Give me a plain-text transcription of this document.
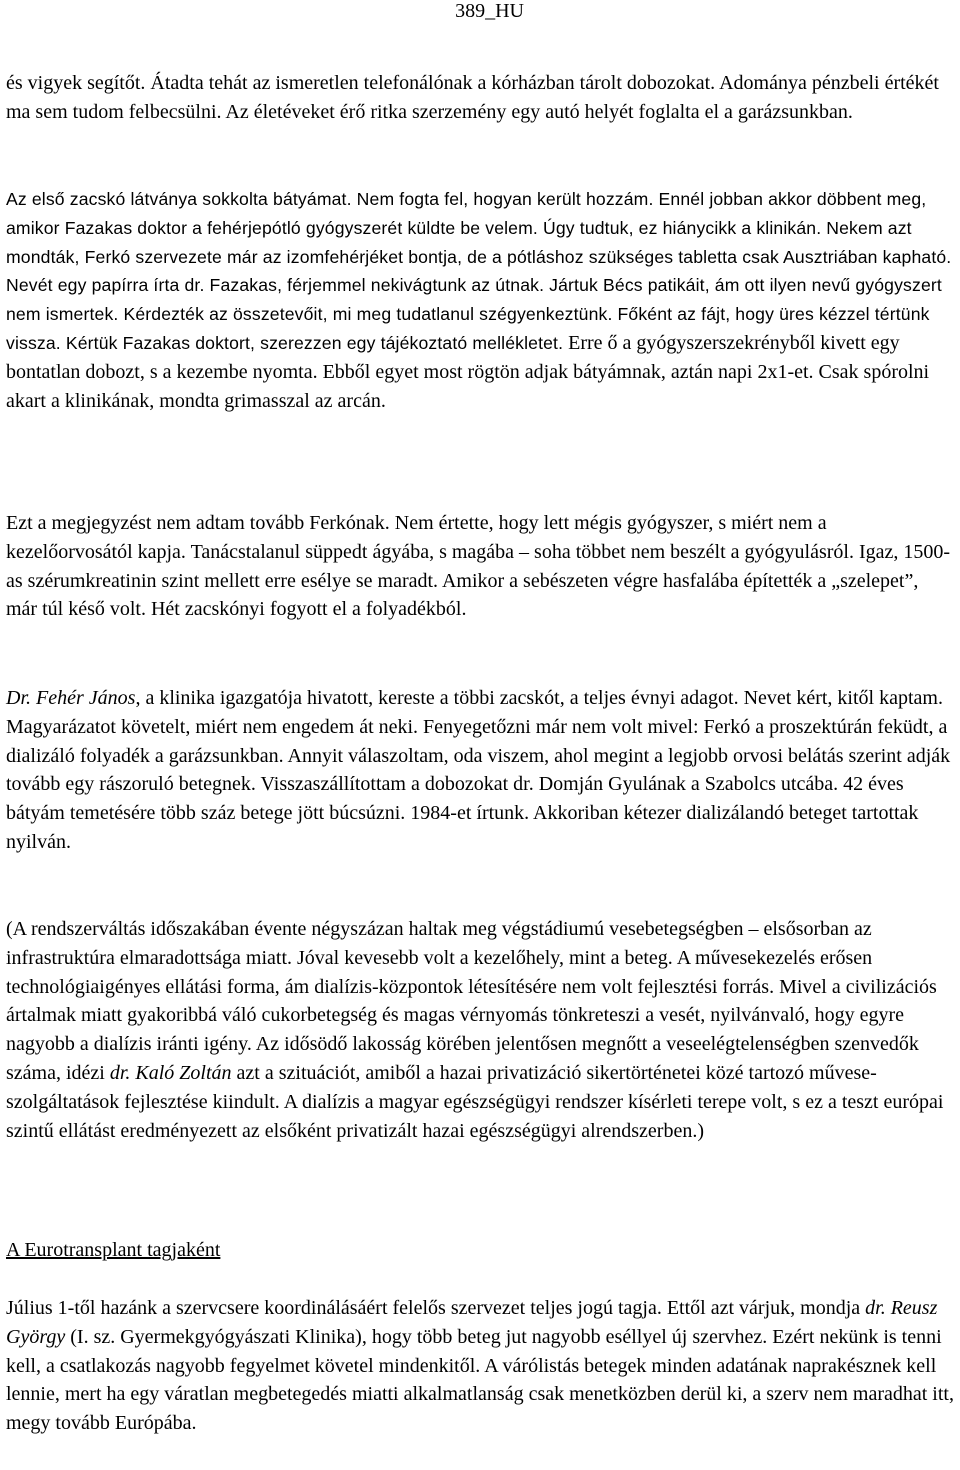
389_HU

és vigyek segítőt. Átadta tehát az ismeretlen telefonálónak a kórházban tárolt dobozokat. Adománya pénzbeli értékét ma sem tudom felbecsülni. Az életéveket érő ritka szerzemény egy autó helyét foglalta el a garázsunkban.

Az első zacskó látványa sokkolta bátyámat. Nem fogta fel, hogyan került hozzám. Ennél jobban akkor döbbent meg, amikor Fazakas doktor a fehérjepótló gyógyszerét küldte be velem. Úgy tudtuk, ez hiánycikk a klinikán. Nekem azt mondták, Ferkó szervezete már az izomfehérjéket bontja, de a pótláshoz szükséges tabletta csak Ausztriában kapható. Nevét egy papírra írta dr. Fazakas, férjemmel nekivágtunk az útnak. Jártuk Bécs patikáit, ám ott ilyen nevű gyógyszert nem ismertek. Kérdezték az összetevőit, mi meg tudatlanul szégyenkeztünk. Főként az fájt, hogy üres kézzel tértünk vissza. Kértük Fazakas doktort, szerezzen egy tájékoztató mellékletet. Erre ő a gyógyszerszekrényből kivett egy bontatlan dobozt, s a kezembe nyomta. Ebből egyet most rögtön adjak bátyámnak, aztán napi 2x1-et. Csak spórolni akart a klinikának, mondta grimasszal az arcán.

Ezt a megjegyzést nem adtam tovább Ferkónak. Nem értette, hogy lett mégis gyógyszer, s miért nem a kezelőorvosától kapja. Tanácstalanul süppedt ágyába, s magába – soha többet nem beszélt a gyógyulásról. Igaz, 1500-as szérumkreatinin szint mellett erre esélye se maradt. Amikor a sebészeten végre hasfalába építették a „szelepet”, már túl késő volt. Hét zacskónyi fogyott el a folyadékból.

Dr. Fehér János, a klinika igazgatója hivatott, kereste a többi zacskót, a teljes évnyi adagot. Nevet kért, kitől kaptam. Magyarázatot követelt, miért nem engedem át neki. Fenyegetőzni már nem volt mivel: Ferkó a proszektúrán feküdt, a dializáló folyadék a garázsunkban. Annyit válaszoltam, oda viszem, ahol megint a legjobb orvosi belátás szerint adják tovább egy rászoruló betegnek. Visszaszállítottam a dobozokat dr. Domján Gyulának a Szabolcs utcába. 42 éves bátyám temetésére több száz betege jött búcsúzni. 1984-et írtunk. Akkoriban kétezer dializálandó beteget tartottak nyilván.

(A rendszerváltás időszakában évente négyszázan haltak meg végstádiumú vesebetegségben – elsősorban az infrastruktúra elmaradottsága miatt. Jóval kevesebb volt a kezelőhely, mint a beteg. A művesekezelés erősen technológiaigényes ellátási forma, ám dialízis-központok létesítésére nem volt fejlesztési forrás. Mivel a civilizációs ártalmak miatt gyakoribbá váló cukorbetegség és magas vérnyomás tönkreteszi a vesét, nyilvánvaló, hogy egyre nagyobb a dialízis iránti igény. Az idősödő lakosság körében jelentősen megnőtt a veseelégtelenségben szenvedők száma, idézi dr. Kaló Zoltán azt a szituációt, amiből a hazai privatizáció sikertörténetei közé tartozó művese-szolgáltatások fejlesztése kiindult. A dialízis a magyar egészségügyi rendszer kísérleti terepe volt, s ez a teszt európai szintű ellátást eredményezett az elsőként privatizált hazai egészségügyi alrendszerben.)

A Eurotransplant tagjaként

Július 1-től hazánk a szervcsere koordinálásáért felelős szervezet teljes jogú tagja. Ettől azt várjuk, mondja dr. Reusz György (I. sz. Gyermekgyógyászati Klinika), hogy több beteg jut nagyobb eséllyel új szervhez. Ezért nekünk is tenni kell, a csatlakozás nagyobb fegyelmet követel mindenkitől. A várólistás betegek minden adatának naprakésznek kell lennie, mert ha egy váratlan megbetegedés miatti alkalmatlanság csak menetközben derül ki, a szerv nem maradhat itt, megy tovább Európába.
